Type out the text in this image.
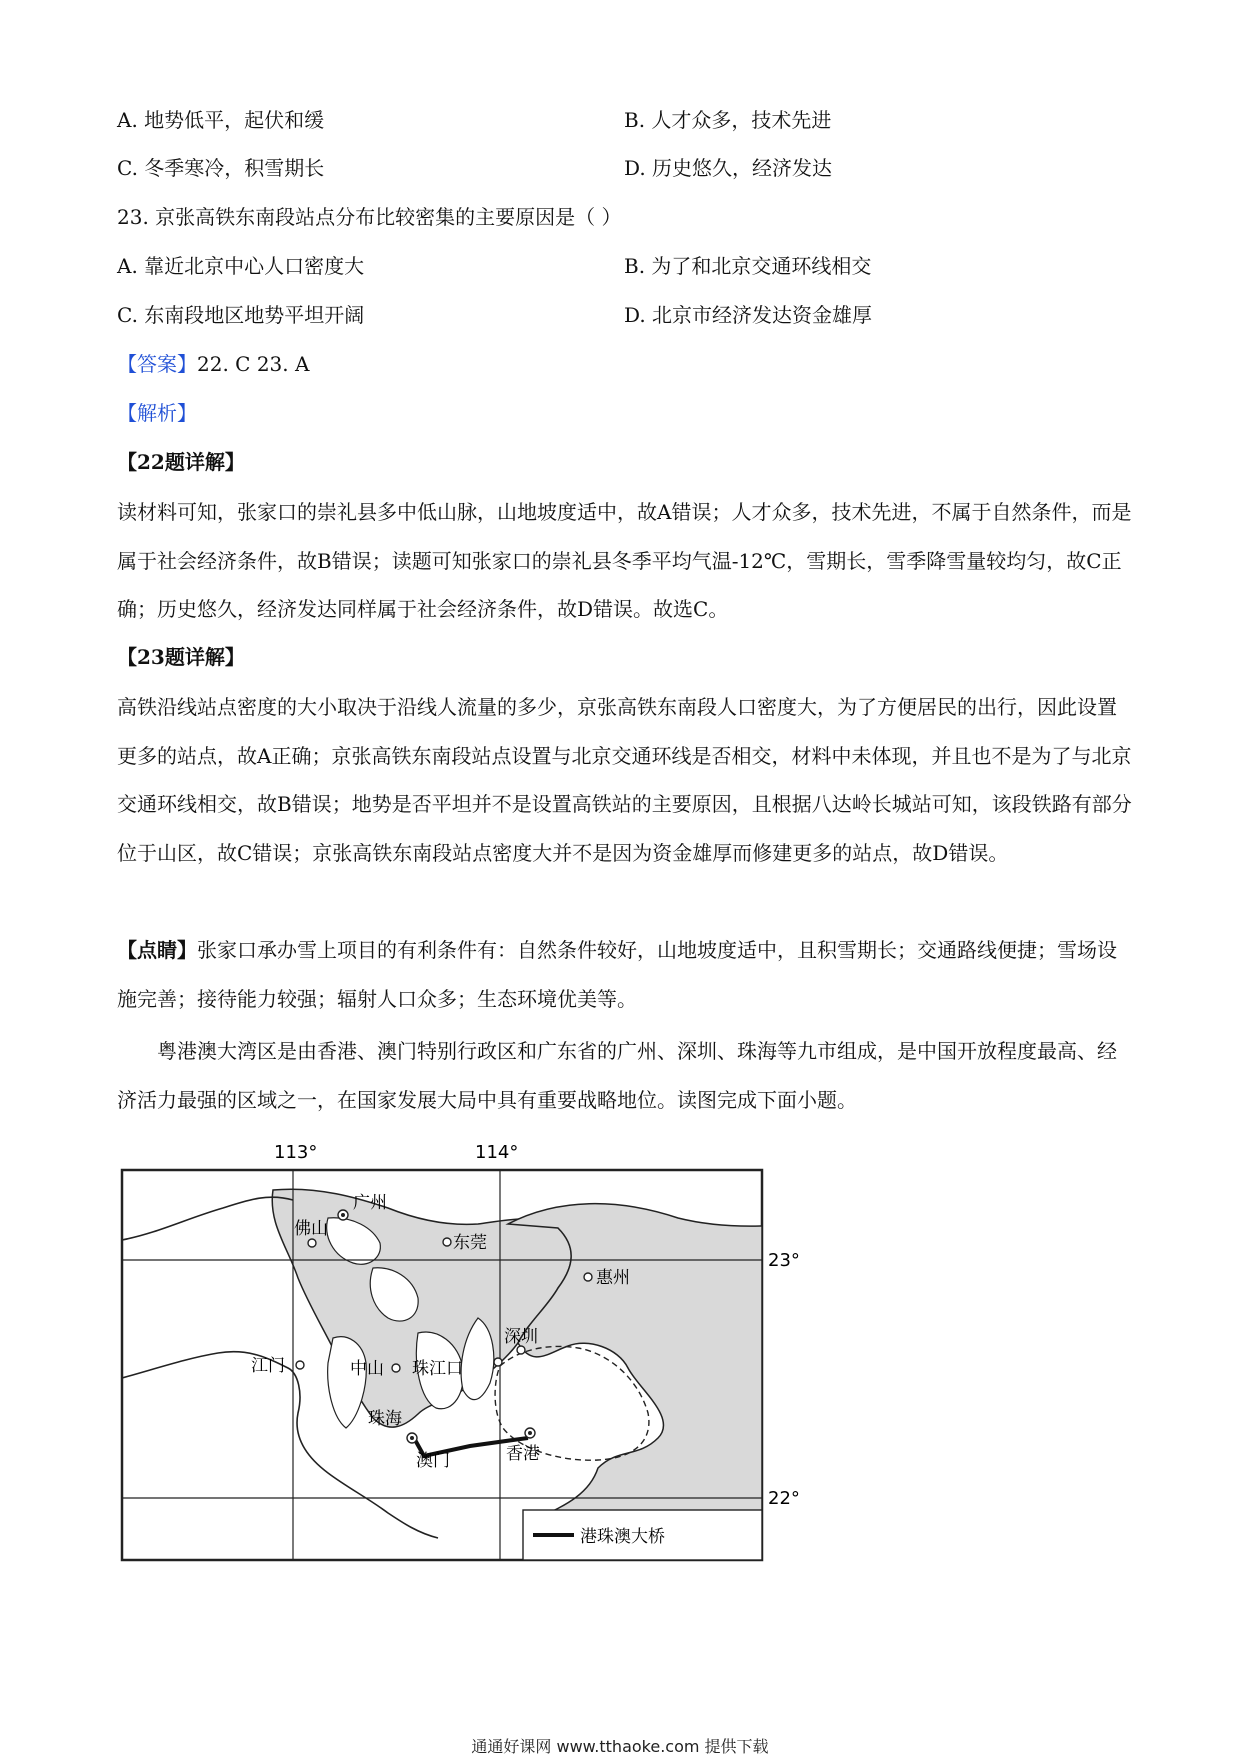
A. 地势低平，起伏和缓	B. 人才众多，技术先进
C. 冬季寒冷，积雪期长	D. 历史悠久，经济发达
23. 京张高铁东南段站点分布比较密集的主要原因是（ ）
A. 靠近北京中心人口密度大	B. 为了和北京交通环线相交
C. 东南段地区地势平坦开阔	D. 北京市经济发达资金雄厚
【答案】22. C 23. A
【解析】
【22题详解】
读材料可知，张家口的崇礼县多中低山脉，山地坡度适中，故A错误；人才众多，技术先进，不属于自然条件，而是属于社会经济条件，故B错误；读题可知张家口的崇礼县冬季平均气温-12℃，雪期长，雪季降雪量较均匀，故C正确；历史悠久，经济发达同样属于社会经济条件，故D错误。故选C。
【23题详解】
高铁沿线站点密度的大小取决于沿线人流量的多少，京张高铁东南段人口密度大，为了方便居民的出行，因此设置更多的站点，故A正确；京张高铁东南段站点设置与北京交通环线是否相交，材料中未体现，并且也不是为了与北京交通环线相交，故B错误；地势是否平坦并不是设置高铁站的主要原因，且根据八达岭长城站可知，该段铁路有部分位于山区，故C错误；京张高铁东南段站点密度大并不是因为资金雄厚而修建更多的站点，故D错误。
【点睛】张家口承办雪上项目的有利条件有：自然条件较好，山地坡度适中，且积雪期长；交通路线便捷；雪场设施完善；接待能力较强；辐射人口众多；生态环境优美等。
粤港澳大湾区是由香港、澳门特别行政区和广东省的广州、深圳、珠海等九市组成，是中国开放程度最高、经济活力最强的区域之一，在国家发展大局中具有重要战略地位。读图完成下面小题。
113°	114°
23°
22°
广州
佛山
东莞
惠州
江门	中山 珠江口
深圳
珠海
澳门	香港
港珠澳大桥
通通好课网 www.tthaoke.com 提供下载
